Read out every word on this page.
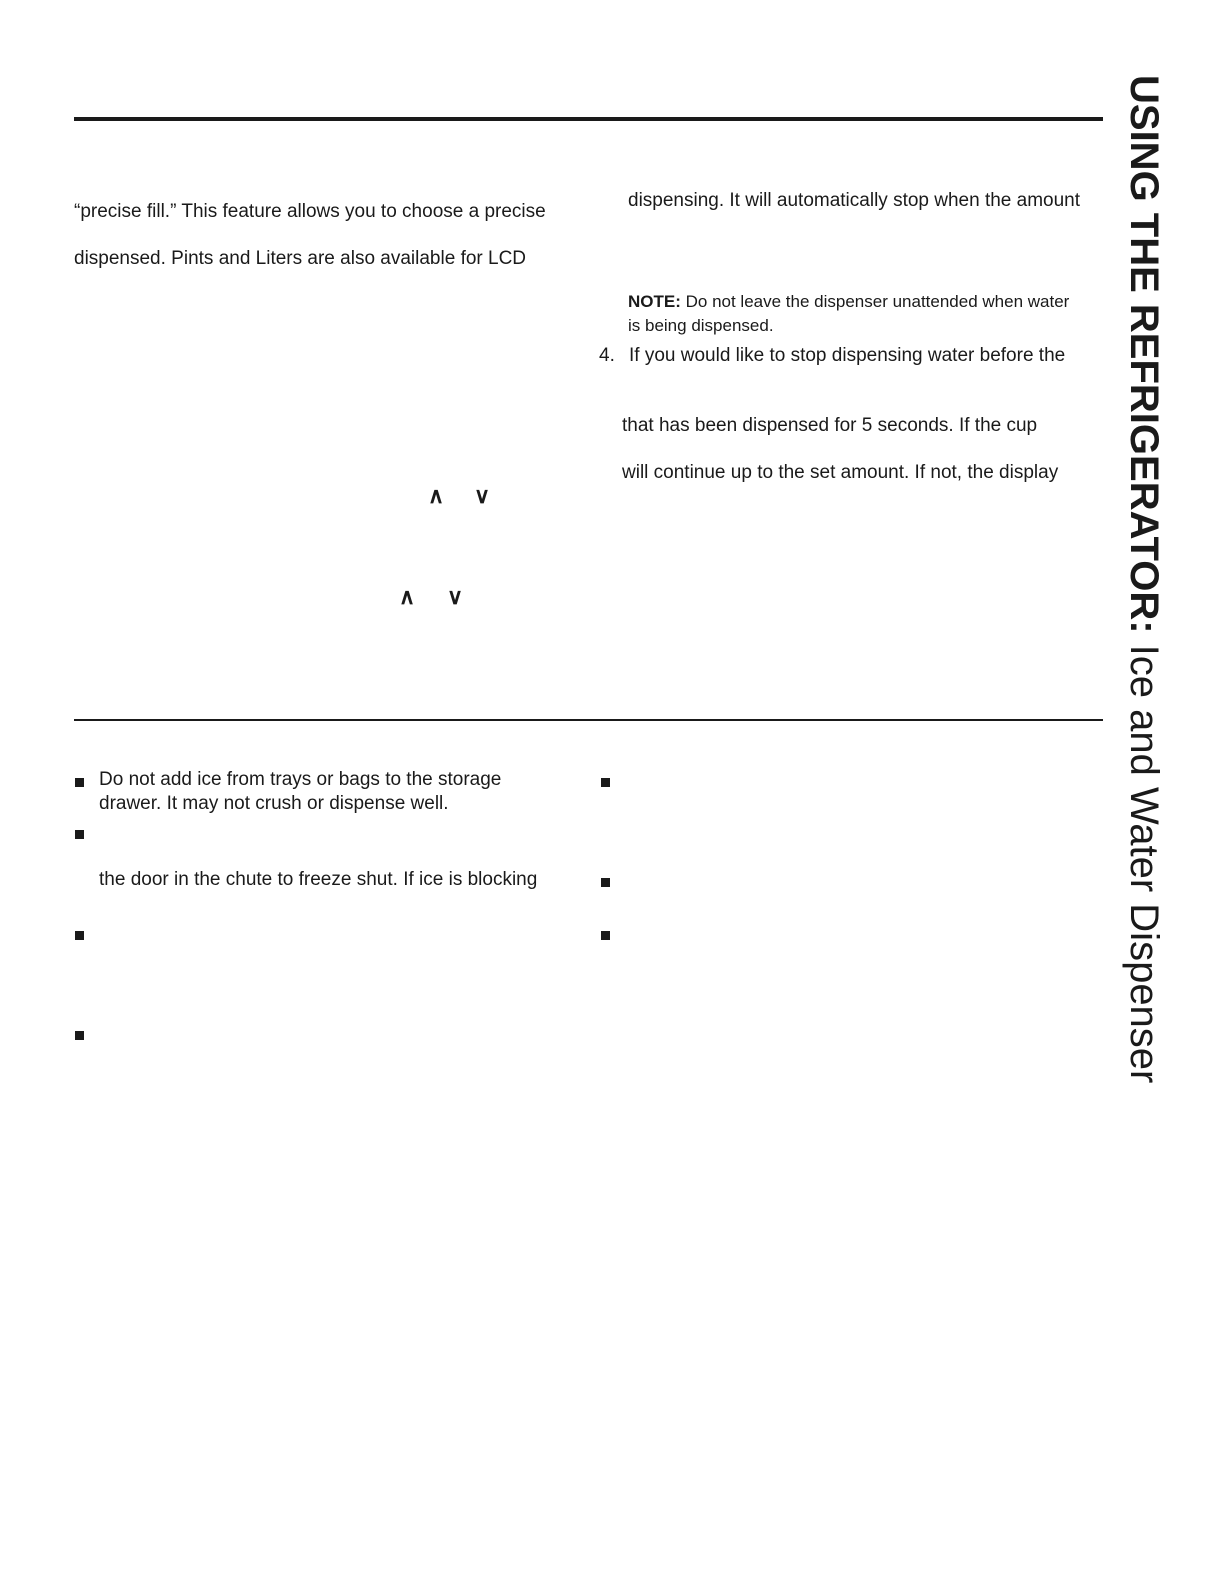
“precise fill.” This feature allows you to choose a precise
dispensed. Pints and Liters are also available for LCD
∧ ∨
∧ ∨
dispensing. It will automatically stop when the amount
NOTE: Do not leave the dispenser unattended when water
is being dispensed.
4. If you would like to stop dispensing water before the
that has been dispensed for 5 seconds. If the cup
will continue up to the set amount. If not, the display
Do not add ice from trays or bags to the storage
drawer. It may not crush or dispense well.
the door in the chute to freeze shut. If ice is blocking
USING THE REFRIGERATOR: Ice and Water Dispenser
